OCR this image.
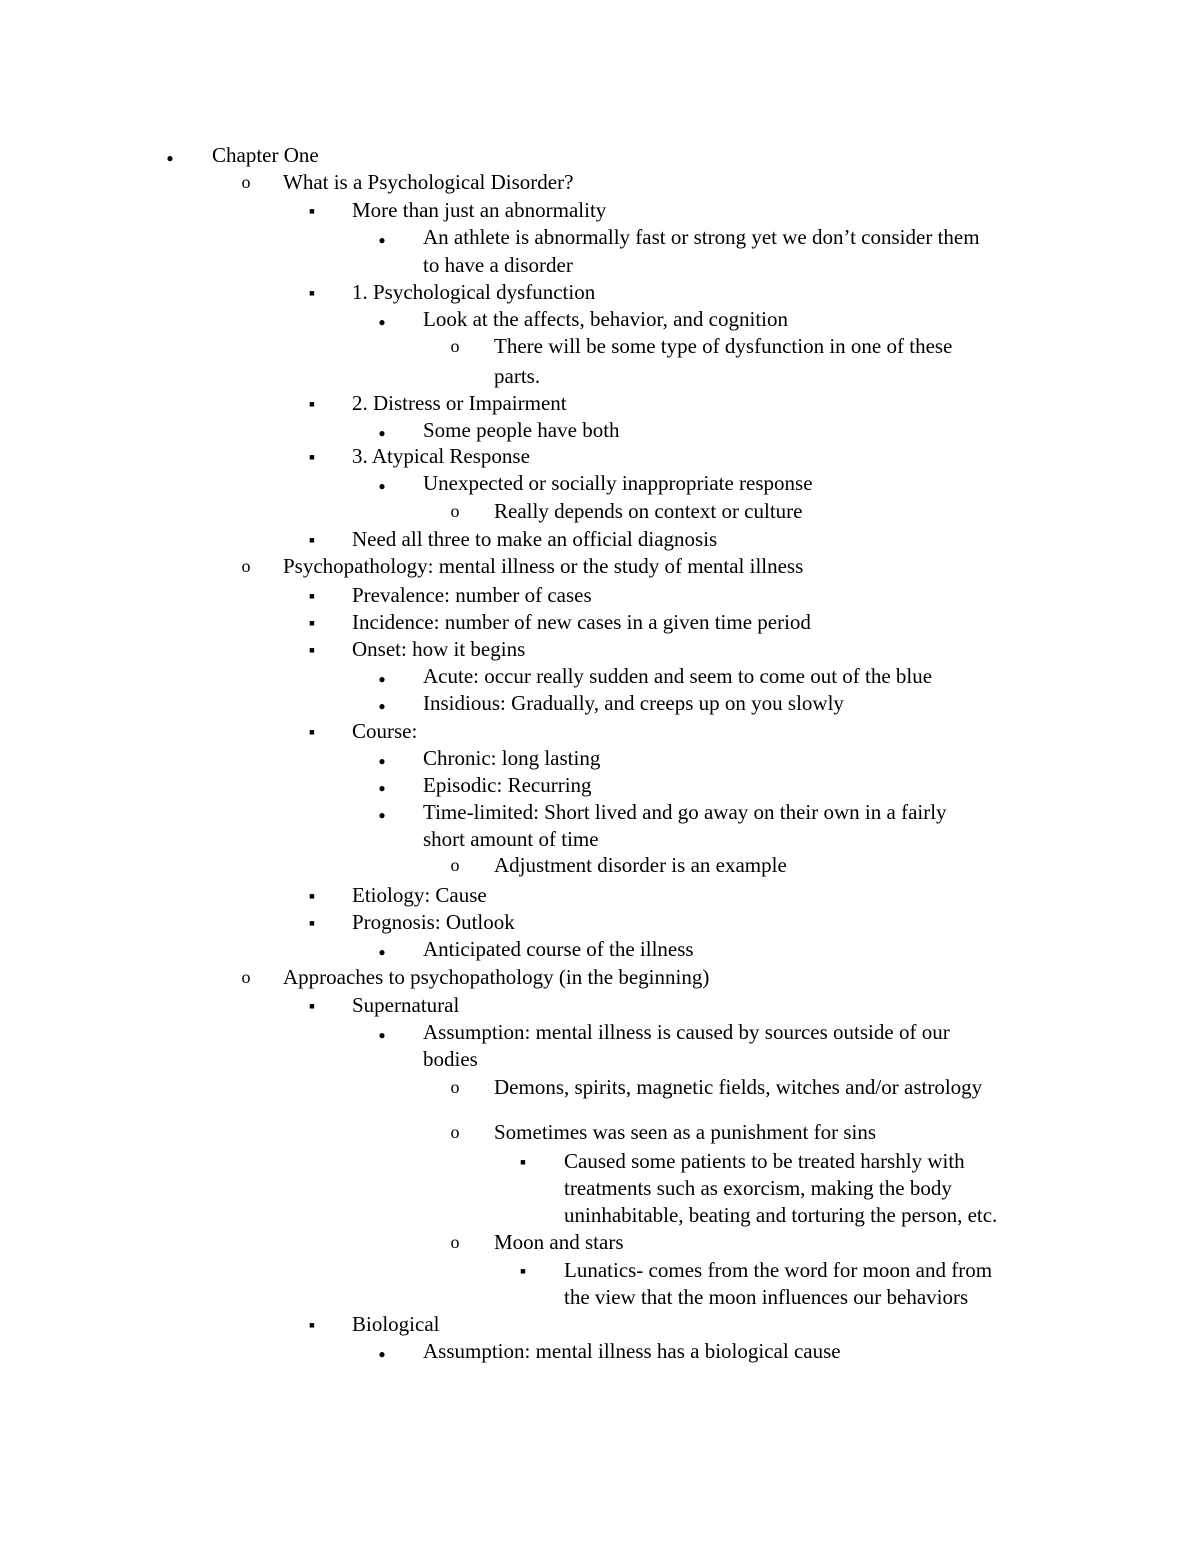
●
Chapter One
o What is a Psychological Disorder?
▪
More than just an abnormality
●
An athlete is abnormally fast or strong yet we don’t consider them
to have a disorder
▪
1. Psychological dysfunction
●
Look at the affects, behavior, and cognition
o There will be some type of dysfunction in one of these
parts.
▪
2. Distress or Impairment
●
Some people have both
▪
3. Atypical Response
●
Unexpected or socially inappropriate response
o Really depends on context or culture
▪
Need all three to make an official diagnosis
o Psychopathology: mental illness or the study of mental illness
▪
Prevalence: number of cases
▪
Incidence: number of new cases in a given time period
▪
Onset: how it begins
●
Acute: occur really sudden and seem to come out of the blue
●
Insidious: Gradually, and creeps up on you slowly
▪
Course:
●
Chronic: long lasting
●
Episodic: Recurring
●
Time-limited: Short lived and go away on their own in a fairly
short amount of time
o Adjustment disorder is an example
▪
Etiology: Cause
▪
Prognosis: Outlook
●
Anticipated course of the illness
o Approaches to psychopathology (in the beginning)
▪
Supernatural
●
Assumption: mental illness is caused by sources outside of our
bodies
o Demons, spirits, magnetic fields, witches and/or astrology
o Sometimes was seen as a punishment for sins
▪
Caused some patients to be treated harshly with
treatments such as exorcism, making the body
uninhabitable, beating and torturing the person, etc.
o Moon and stars
▪
Lunatics- comes from the word for moon and from
the view that the moon influences our behaviors
▪
Biological
●
Assumption: mental illness has a biological cause
